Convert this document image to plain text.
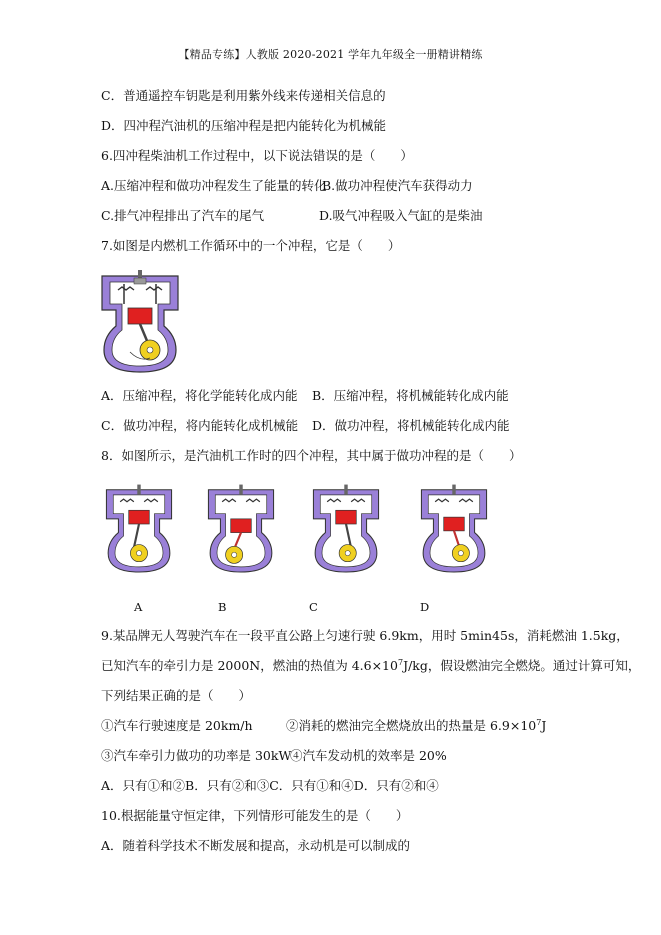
【精品专练】人教版 2020-2021 学年九年级全一册精讲精练
C．普通遥控车钥匙是利用紫外线来传递相关信息的
D．四冲程汽油机的压缩冲程是把内能转化为机械能
6.四冲程柴油机工作过程中，以下说法错误的是（　　）
A.压缩冲程和做功冲程发生了能量的转化
B.做功冲程使汽车获得动力
C.排气冲程排出了汽车的尾气	D.吸气冲程吸入气缸的是柴油
7.如图是内燃机工作循环中的一个冲程，它是（　　）
A．压缩冲程，将化学能转化成内能 B．压缩冲程，将机械能转化成内能
C．做功冲程，将内能转化成机械能 D．做功冲程，将机械能转化成内能
8．如图所示，是汽油机工作时的四个冲程，其中属于做功冲程的是（　　）
A	B	C	D
9.某品牌无人驾驶汽车在一段平直公路上匀速行驶 6.9km，用时 5min45s，消耗燃油 1.5kg，
已知汽车的牵引力是 2000N，燃油的热值为 $4.6\times 10^7J/kg$，假设燃油完全燃烧。通过计算可知，
下列结果正确的是（　　）
①汽车行驶速度是 20km/h	②消耗的燃油完全燃烧放出的热量是 $6.9\times 10^7J$
③汽车牵引力做功的功率是 30kW
④汽车发动机的效率是 20%
A．只有①和②B．只有②和③C．只有①和④D．只有②和④
10.根据能量守恒定律，下列情形可能发生的是（　　）
A．随着科学技术不断发展和提高，永动机是可以制成的
